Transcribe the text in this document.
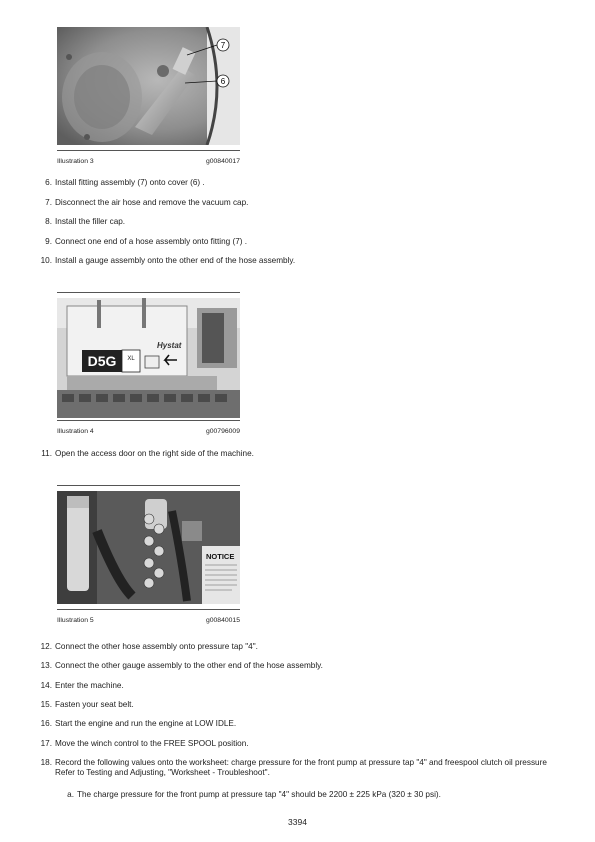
7
6
Illustration 3	g00840017
6. Install fitting assembly (7) onto cover (6) .
7. Disconnect the air hose and remove the vacuum cap.
8. Install the filler cap.
9. Connect one end of a hose assembly onto fitting (7) .
10. Install a gauge assembly onto the other end of the hose assembly.
D5G XL
Hystat
Illustration 4	g00796009
11. Open the access door on the right side of the machine.
NOTICE
Illustration 5	g00840015
12. Connect the other hose assembly onto pressure tap "4".
13. Connect the other gauge assembly to the other end of the hose assembly.
14. Enter the machine.
15. Fasten your seat belt.
16. Start the engine and run the engine at LOW IDLE.
17. Move the winch control to the FREE SPOOL position.
18. Record the following values onto the worksheet: charge pressure for the front pump at pressure tap "4" and freespool clutch oil pressure Refer to Testing and Adjusting, "Worksheet - Troubleshoot".
a. The charge pressure for the front pump at pressure tap "4" should be 2200 ± 225 kPa (320 ± 30 psi).
3394
